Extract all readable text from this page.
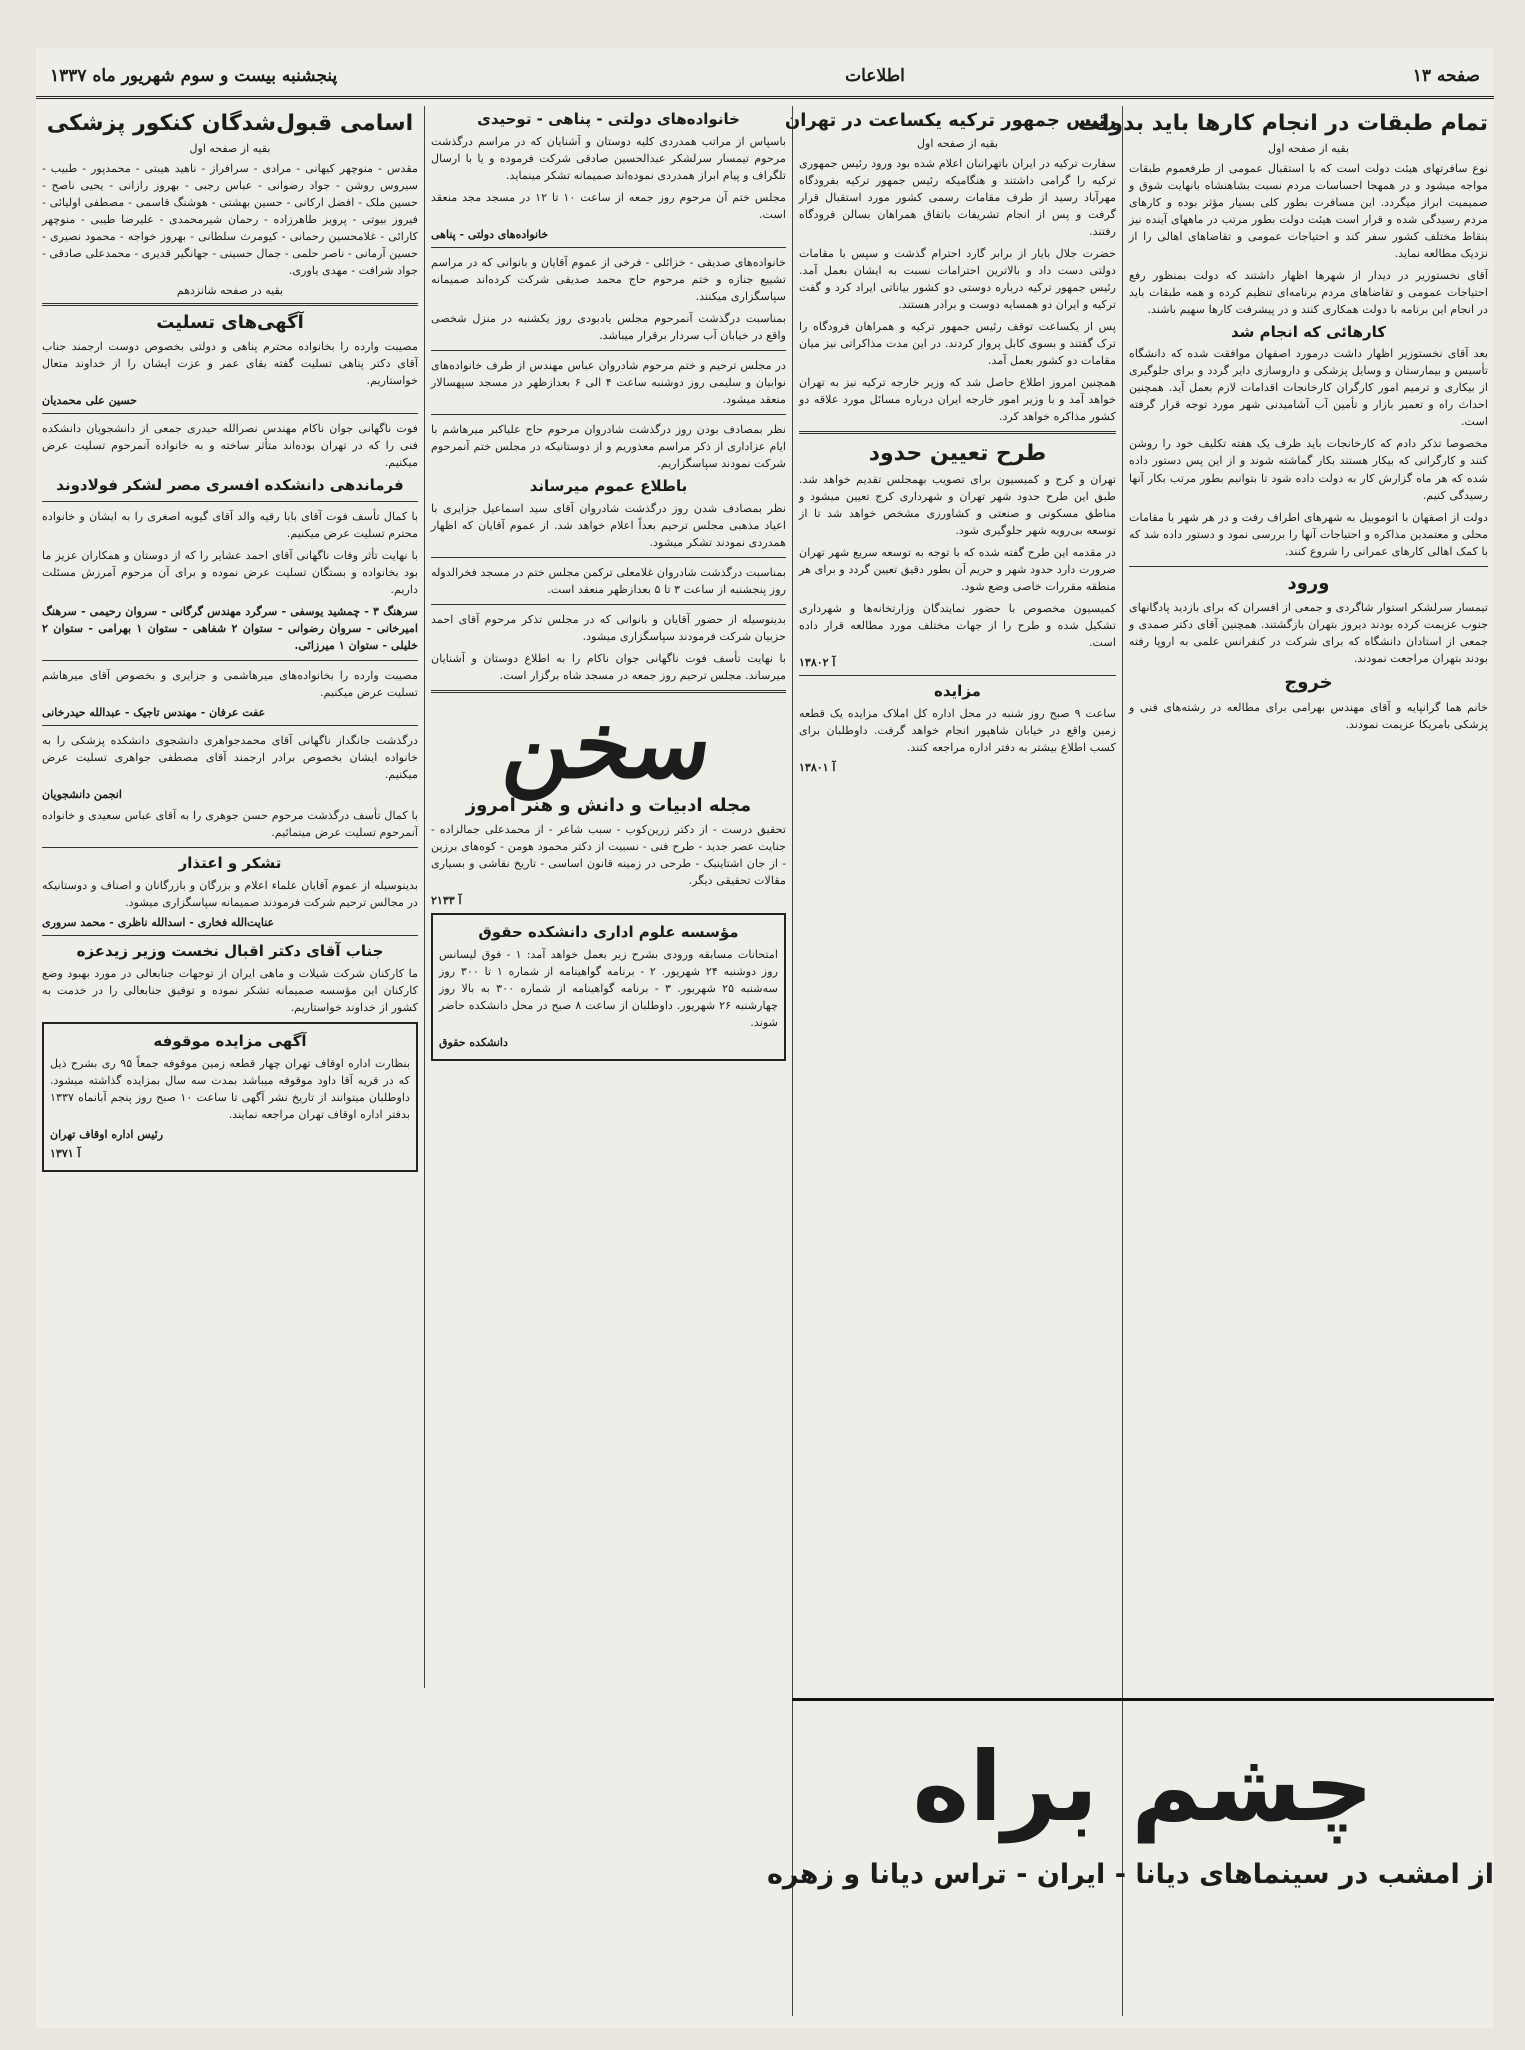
صفحه ۱۳
اطلاعات
پنجشنبه بیست و سوم شهریور ماه ۱۳۳۷
تمام طبقات در انجام کارها باید بدولت
بقیه از صفحه اول

نوع سافرتهای هیئت دولت است که با استقبال عمومی از طرفعموم طبقات مواجه میشود و در همهجا احساسات مردم نسبت بشاهنشاه بانهایت شوق و صمیمیت ابراز میگردد. این مسافرت بطور کلی بسیار مؤثر بوده و کارهای مردم رسیدگی شده و قرار است هیئت دولت بطور مرتب در ماههای آینده نیز بنقاط مختلف کشور سفر کند و احتیاجات عمومی و تقاضاهای اهالی را از نزدیک مطالعه نماید.

آقای نخستوزیر در دیدار از شهرها اظهار داشتند که دولت بمنظور رفع احتیاجات عمومی و تقاضاهای مردم برنامه‌ای تنظیم کرده و همه طبقات باید در انجام این برنامه با دولت همکاری کنند و در پیشرفت کارها سهیم باشند.

کارهائی که انجام شد

بعد آقای نخستوزیر اظهار داشت درمورد اصفهان موافقت شده که دانشگاه تأسیس و بیمارستان و وسایل پزشکی و داروسازی دایر گردد و برای جلوگیری از بیکاری و ترمیم امور کارگران کارخانجات اقدامات لازم بعمل آید. همچنین احداث راه و تعمیر بازار و تأمین آب آشامیدنی شهر مورد توجه قرار گرفته است.

مخصوصا تذکر دادم که کارخانجات باید ظرف یک هفته تکلیف خود را روشن کنند و کارگرانی که بیکار هستند بکار گماشته شوند و از این پس دستور داده شده که هر ماه گزارش کار به دولت داده شود تا بتوانیم بطور مرتب بکار آنها رسیدگی کنیم.

دولت از اصفهان با اتوموبیل به شهرهای اطراف رفت و در هر شهر با مقامات محلی و معتمدین مذاکره و احتیاجات آنها را بررسی نمود و دستور داده شد که با کمک اهالی کارهای عمرانی را شروع کنند.

ورود

تیمسار سرلشکر استوار شاگردی و جمعی از افسران که برای بازدید پادگانهای جنوب عزیمت کرده بودند دیروز بتهران بازگشتند. همچنین آقای دکتر صمدی و جمعی از استادان دانشگاه که برای شرکت در کنفرانس علمی به اروپا رفته بودند بتهران مراجعت نمودند.

خروج

خانم هما گرانپایه و آقای مهندس بهرامی برای مطالعه در رشته‌های فنی و پزشکی بامریکا عزیمت نمودند.

رئیس جمهور ترکیه یکساعت در تهران
بقیه از صفحه اول

سفارت ترکیه در ایران باتهرانبان اعلام شده بود ورود رئیس جمهوری ترکیه را گرامی داشتند و هنگامیکه رئیس جمهور ترکیه بفرودگاه مهرآباد رسید از طرف مقامات رسمی کشور مورد استقبال قرار گرفت و پس از انجام تشریفات باتفاق همراهان بسالن فرودگاه رفتند.

حضرت جلال بایار از برابر گارد احترام گذشت و سپس با مقامات دولتی دست داد و بالاترین احترامات نسبت به ایشان بعمل آمد. رئیس جمهور ترکیه درباره دوستی دو کشور بیاناتی ایراد کرد و گفت ترکیه و ایران دو همسایه دوست و برادر هستند.

پس از یکساعت توقف رئیس جمهور ترکیه و همراهان فرودگاه را ترک گفتند و بسوی کابل پرواز کردند. در این مدت مذاکراتی نیز میان مقامات دو کشور بعمل آمد.

همچنین امروز اطلاع حاصل شد که وزیر خارجه ترکیه نیز به تهران خواهد آمد و با وزیر امور خارجه ایران درباره مسائل مورد علاقه دو کشور مذاکره خواهد کرد.

طرح تعیین حدود

تهران و کرج و کمیسیون برای تصویب بهمجلس تقدیم خواهد شد. طبق این طرح حدود شهر تهران و شهرداری کرج تعیین میشود و مناطق مسکونی و صنعتی و کشاورزی مشخص خواهد شد تا از توسعه بی‌رویه شهر جلوگیری شود.

در مقدمه این طرح گفته شده که با توجه به توسعه سریع شهر تهران ضرورت دارد حدود شهر و حریم آن بطور دقیق تعیین گردد و برای هر منطقه مقررات خاصی وضع شود.

کمیسیون مخصوص با حضور نمایندگان وزارتخانه‌ها و شهرداری تشکیل شده و طرح را از جهات مختلف مورد مطالعه قرار داده است.

آ ۱۳۸۰۲
مزایده

ساعت ۹ صبح روز شنبه در محل اداره کل املاک مزایده یک قطعه زمین واقع در خیابان شاهپور انجام خواهد گرفت. داوطلبان برای کسب اطلاع بیشتر به دفتر اداره مراجعه کنند.

آ ۱۳۸۰۱
خانواده‌های دولتی - پناهی - توحیدی

باسپاس از مراتب همدردی کلیه دوستان و آشنایان که در مراسم درگذشت مرحوم تیمسار سرلشکر عبدالحسین صادقی شرکت فرموده و یا با ارسال تلگراف و پیام ابراز همدردی نموده‌اند صمیمانه تشکر مینماید.

مجلس ختم آن مرحوم روز جمعه از ساعت ۱۰ تا ۱۲ در مسجد مجد منعقد است.

خانواده‌های دولتی - پناهی

خانواده‌های صدیقی - خزائلی - فرخی از عموم آقایان و بانوانی که در مراسم تشییع جنازه و ختم مرحوم حاج محمد صدیقی شرکت کرده‌اند صمیمانه سپاسگزاری میکنند.

بمناسبت درگذشت آنمرحوم مجلس یادبودی روز یکشنبه در منزل شخصی واقع در خیابان آب سردار برقرار میباشد.

در مجلس ترحیم و ختم مرحوم شادروان عباس مهندس از طرف خانواده‌های نوابیان و سلیمی روز دوشنبه ساعت ۴ الی ۶ بعدازظهر در مسجد سپهسالار منعقد میشود.

نظر بمصادف بودن روز درگذشت شادروان مرحوم حاج علیاکبر میرهاشم با ایام عزاداری از ذکر مراسم معذوریم و از دوستانیکه در مجلس ختم آنمرحوم شرکت نمودند سپاسگزاریم.

باطلاع عموم میرساند

نظر بمصادف شدن روز درگذشت شادروان آقای سید اسماعیل جزایری با اعیاد مذهبی مجلس ترحیم بعداً اعلام خواهد شد. از عموم آقایان که اظهار همدردی نمودند تشکر میشود.

بمناسبت درگذشت شادروان غلامعلی ترکمن مجلس ختم در مسجد فخرالدوله روز پنجشنبه از ساعت ۳ تا ۵ بعدازظهر منعقد است.

بدینوسیله از حضور آقایان و بانوانی که در مجلس تذکر مرحوم آقای احمد حزبیان شرکت فرمودند سپاسگزاری میشود.

با نهایت تأسف فوت ناگهانی جوان ناکام را به اطلاع دوستان و آشنایان میرساند. مجلس ترحیم روز جمعه در مسجد شاه برگزار است.

سخن
مجله ادبیات و دانش و هنر امروز

تحقیق درست - از دکتر زرین‌کوب - سبب شاعر - از محمدعلی جمالزاده - جنایت عصر جدید - طرح فنی - نسبیت از دکتر محمود هومن - کوه‌های برزین - از جان اشتاینبک - طرحی در زمینه قانون اساسی - تاریخ نقاشی و بسیاری مقالات تحقیقی دیگر.

آ ۲۱۳۳
مؤسسه علوم اداری دانشکده حقوق

امتحانات مسابقه ورودی بشرح زیر بعمل خواهد آمد: ۱ - فوق لیسانس روز دوشنبه ۲۴ شهریور. ۲ - برنامه گواهینامه از شماره ۱ تا ۳۰۰ روز سه‌شنبه ۲۵ شهریور. ۳ - برنامه گواهینامه از شماره ۳۰۰ به بالا روز چهارشنبه ۲۶ شهریور. داوطلبان از ساعت ۸ صبح در محل دانشکده حاضر شوند.

دانشکده حقوق
اسامی قبول‌شدگان کنکور پزشکی
بقیه از صفحه اول

مقدس - منوچهر کیهانی - مرادی - سرافراز - ناهید هیبتی - محمدپور - طبیب - سیروس روشن - جواد رضوانی - عباس رجبی - بهروز رازانی - یحیی ناصح - حسین ملک - افضل ارکانی - حسین بهشتی - هوشنگ قاسمی - مصطفی اولیائی - فیروز بیوتی - پرویز طاهرزاده - رحمان شیرمحمدی - علیرضا طیبی - منوچهر کارائی - غلامحسین رحمانی - کیومرث سلطانی - بهروز خواجه - محمود نصیری - حسین آرمانی - ناصر حلمی - جمال حسینی - جهانگیر قدیری - محمدعلی صادقی - جواد شرافت - مهدی یاوری.

بقیه در صفحه شانزدهم
آگهی‌های تسلیت

مصیبت وارده را بخانواده محترم پناهی و دولتی بخصوص دوست ارجمند جناب آقای دکتر پناهی تسلیت گفته بقای عمر و عزت ایشان را از خداوند متعال خواستاریم.

حسین علی محمدیان

فوت ناگهانی جوان ناکام مهندس نصرالله حیدری جمعی از دانشجویان دانشکده فنی را که در تهران بوده‌اند متأثر ساخته و به خانواده آنمرحوم تسلیت عرض میکنیم.

فرماندهی دانشکده افسری مصر لشکر فولادوند

با کمال تأسف فوت آقای بابا رقیه والد آقای گیویه اصغری را به ایشان و خانواده محترم تسلیت عرض میکنیم.

با نهایت تأثر وفات ناگهانی آقای احمد عشایر را که از دوستان و همکاران عزیز ما بود بخانواده و بستگان تسلیت عرض نموده و برای آن مرحوم آمرزش مسئلت داریم.

سرهنگ ۳ - چمشید یوسفی - سرگرد مهندس گرگانی - سروان رحیمی - سرهنگ امیرخانی - سروان رضوانی - ستوان ۲ شفاهی - ستوان ۱ بهرامی - ستوان ۲ خلیلی - ستوان ۱ میرزائی.

مصیبت وارده را بخانواده‌های میرهاشمی و جزایری و بخصوص آقای میرهاشم تسلیت عرض میکنیم.

عفت عرفان - مهندس تاجیک - عبدالله حیدرخانی

درگذشت جانگداز ناگهانی آقای محمدجواهری دانشجوی دانشکده پزشکی را به خانواده ایشان بخصوص برادر ارجمند آقای مصطفی جواهری تسلیت عرض میکنیم.

انجمن دانشجویان

با کمال تأسف درگذشت مرحوم حسن جوهری را به آقای عباس سعیدی و خانواده آنمرحوم تسلیت عرض مینمائیم.

تشکر و اعتذار

بدینوسیله از عموم آقایان علماء اعلام و بزرگان و بازرگانان و اصناف و دوستانیکه در مجالس ترحیم شرکت فرمودند صمیمانه سپاسگزاری میشود.

عنایت‌الله فخاری - اسدالله ناظری - محمد سروری
جناب آقای دکتر اقبال نخست وزیر زیدعزه

ما کارکنان شرکت شیلات و ماهی ایران از توجهات جنابعالی در مورد بهبود وضع کارکنان این مؤسسه صمیمانه تشکر نموده و توفیق جنابعالی را در خدمت به کشور از خداوند خواستاریم.

آگهی مزایده موقوفه

بنظارت اداره اوقاف تهران چهار قطعه زمین موقوفه جمعاً ۹۵ ری بشرح ذیل که در قریه آقا داود موقوفه میباشد بمدت سه سال بمزایده گذاشته میشود. داوطلبان میتوانند از تاریخ نشر آگهی تا ساعت ۱۰ صبح روز پنجم آبانماه ۱۳۳۷ بدفتر اداره اوقاف تهران مراجعه نمایند.

رئیس اداره اوقاف تهران
آ ۱۳۷۱
چشم براه
از امشب در سینماهای دیانا - ایران - تراس دیانا و زهره
